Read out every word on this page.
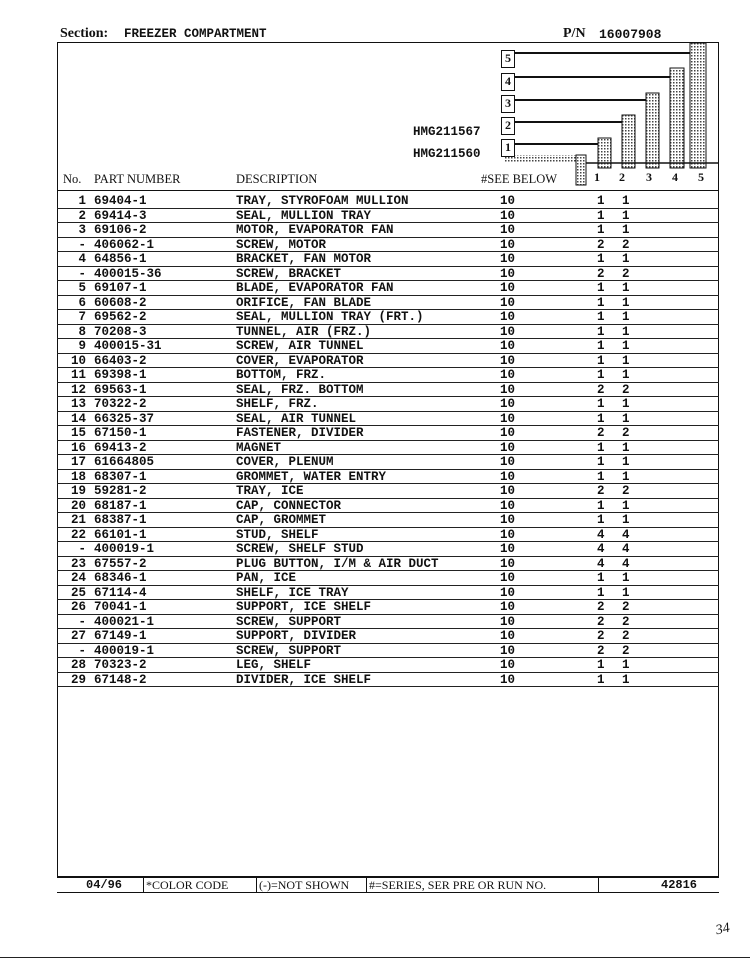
Section: FREEZER COMPARTMENT	P/N 16007908
5
4
3
2
1
HMG211567
HMG211560
No. PART NUMBER	DESCRIPTION	#SEE BELOW	1	2	3	4	5
1 69404-1	TRAY, STYROFOAM MULLION	10	1 1
2 69414-3	SEAL, MULLION TRAY	10	1 1
3 69106-2	MOTOR, EVAPORATOR FAN	10	1 1
- 406062-1	SCREW, MOTOR	10	2 2
4 64856-1	BRACKET, FAN MOTOR	10	1 1
- 400015-36	SCREW, BRACKET	10	2 2
5 69107-1	BLADE, EVAPORATOR FAN	10	1 1
6 60608-2	ORIFICE, FAN BLADE	10	1 1
7 69562-2	SEAL, MULLION TRAY (FRT.)	10	1 1
8 70208-3	TUNNEL, AIR (FRZ.)	10	1 1
9 400015-31	SCREW, AIR TUNNEL	10	1 1
10 66403-2	COVER, EVAPORATOR	10	1 1
11 69398-1	BOTTOM, FRZ.	10	1 1
12 69563-1	SEAL, FRZ. BOTTOM	10	2 2
13 70322-2	SHELF, FRZ.	10	1 1
14 66325-37	SEAL, AIR TUNNEL	10	1 1
15 67150-1	FASTENER, DIVIDER	10	2 2
16 69413-2	MAGNET	10	1 1
17 61664805	COVER, PLENUM	10	1 1
18 68307-1	GROMMET, WATER ENTRY	10	1 1
19 59281-2	TRAY, ICE	10	2 2
20 68187-1	CAP, CONNECTOR	10	1 1
21 68387-1	CAP, GROMMET	10	1 1
22 66101-1	STUD, SHELF	10	4 4
- 400019-1	SCREW, SHELF STUD	10	4 4
23 67557-2	PLUG BUTTON, I/M & AIR DUCT	10	4 4
24 68346-1	PAN, ICE	10	1 1
25 67114-4	SHELF, ICE TRAY	10	1 1
26 70041-1	SUPPORT, ICE SHELF	10	2 2
- 400021-1	SCREW, SUPPORT	10	2 2
27 67149-1	SUPPORT, DIVIDER	10	2 2
- 400019-1	SCREW, SUPPORT	10	2 2
28 70323-2	LEG, SHELF	10	1 1
29 67148-2	DIVIDER, ICE SHELF	10	1 1
04/96 *COLOR CODE	(-)=NOT SHOWN #=SERIES, SER PRE OR RUN NO.	42816
34
